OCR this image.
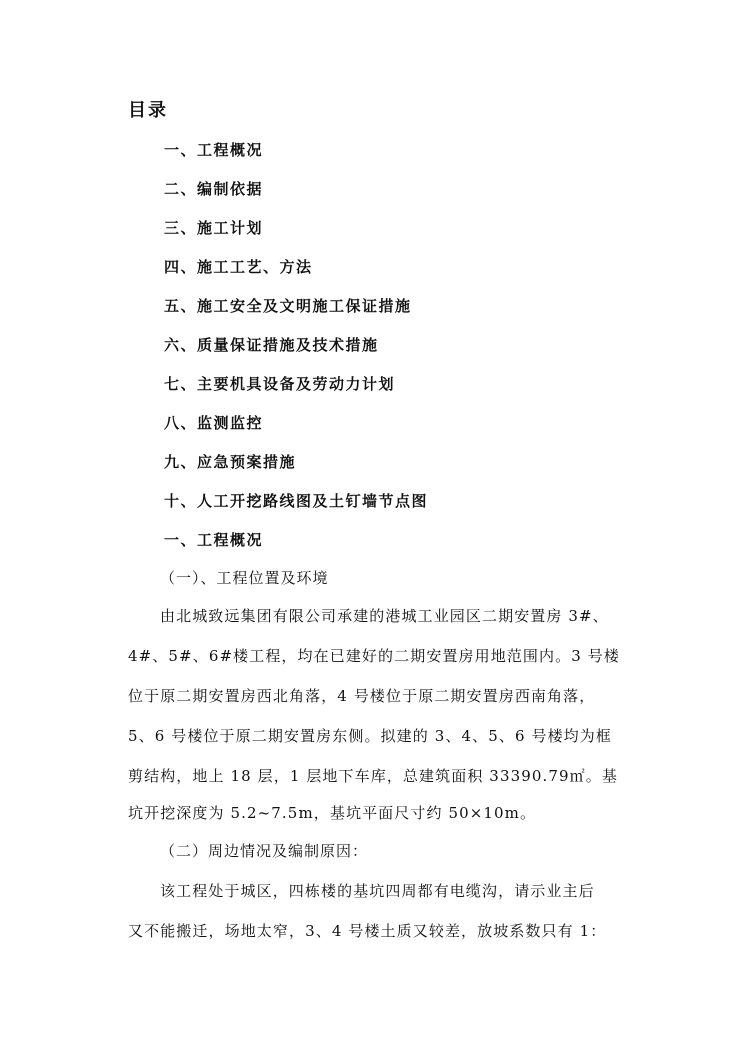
目录
一、工程概况
二、编制依据
三、施工计划
四、施工工艺、方法
五、施工安全及文明施工保证措施
六、质量保证措施及技术措施
七、主要机具设备及劳动力计划
八、监测监控
九、应急预案措施
十、人工开挖路线图及土钉墙节点图
一、工程概况
（一）、工程位置及环境
由北城致远集团有限公司承建的港城工业园区二期安置房 3#、
4#、5#、6#楼工程，均在已建好的二期安置房用地范围内。3 号楼
位于原二期安置房西北角落，4 号楼位于原二期安置房西南角落，
5、6 号楼位于原二期安置房东侧。拟建的 3、4、5、6 号楼均为框
剪结构，地上 18 层，1 层地下车库，总建筑面积 33390.79㎡。基
坑开挖深度为 5.2~7.5m，基坑平面尺寸约 50×10m。
（二）周边情况及编制原因：
该工程处于城区，四栋楼的基坑四周都有电缆沟，请示业主后
又不能搬迁，场地太窄，3、4 号楼土质又较差，放坡系数只有 1：
